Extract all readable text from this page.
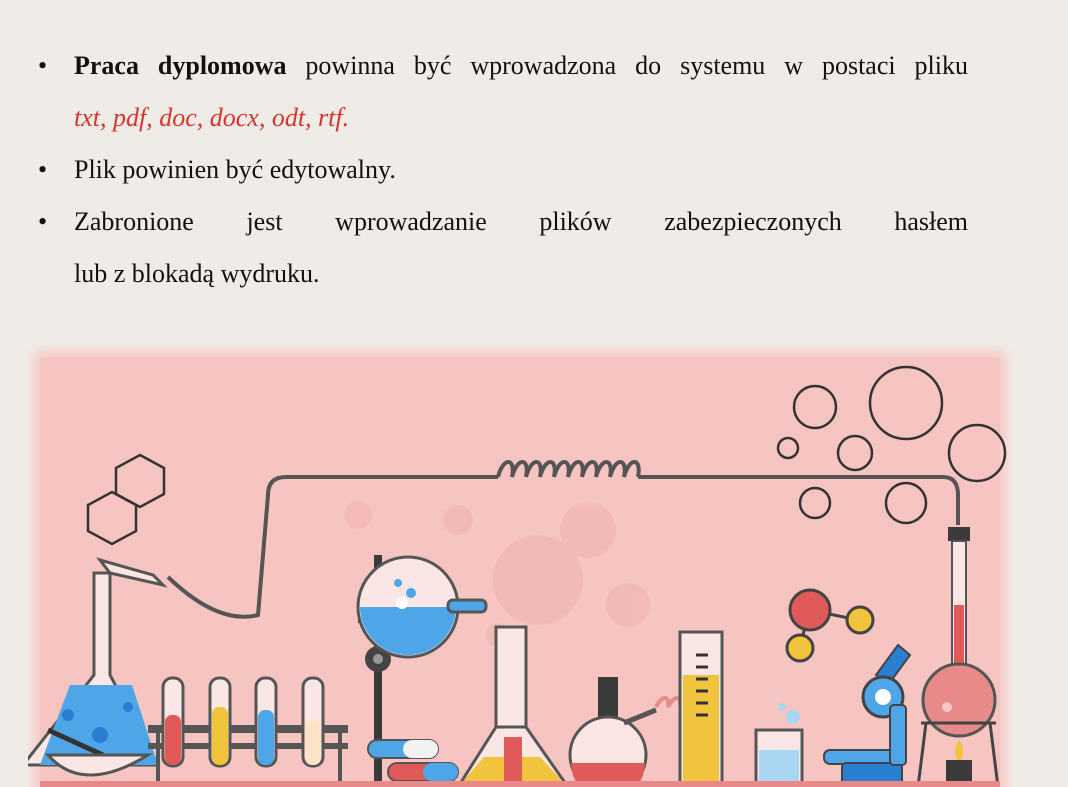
• Praca dyplomowa powinna być wprowadzona do systemu w postaci pliku
txt, pdf, doc, docx, odt, rtf.
• Plik powinien być edytowalny.
• Zabronione jest wprowadzanie plików zabezpieczonych hasłem
lub z blokadą wydruku.
